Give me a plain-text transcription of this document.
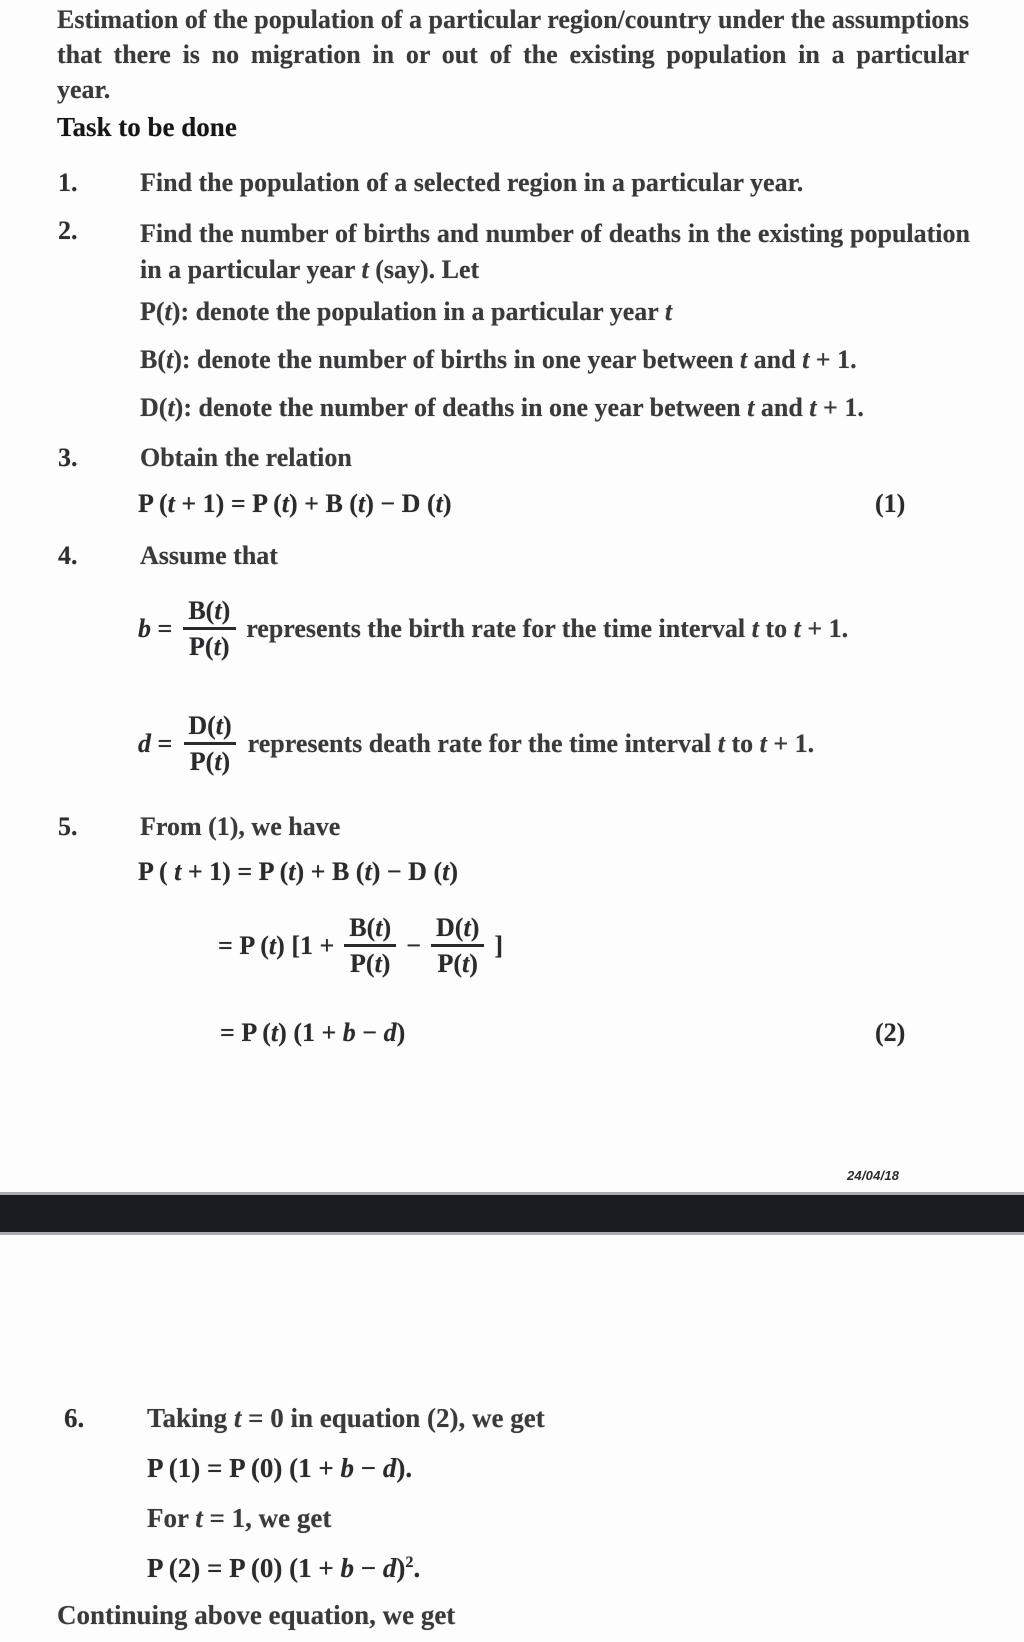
Estimation of the population of a particular region/country under the assumptions
that there is no migration in or out of the existing population in a particular
year.
Task to be done
1. Find the population of a selected region in a particular year.
2. Find the number of births and number of deaths in the existing population
in a particular year t (say). Let
P(t): denote the population in a particular year t
B(t): denote the number of births in one year between t and t + 1.
D(t): denote the number of deaths in one year between t and t + 1.
3. Obtain the relation
P (t + 1) = P (t) + B (t) − D (t)	(1)
4. Assume that
$b = \frac{B(t)}{P(t)}$ represents the birth rate for the time interval t to t + 1.
$d = \frac{D(t)}{P(t)}$ represents death rate for the time interval t to t + 1.
5. From (1), we have
P ( t + 1) = P (t) + B (t) − D (t)
= P (t) [$1 + \frac{B(t)}{P(t)} - \frac{D(t)}{P(t)}$ ]
= P (t) (1 + b − d)	(2)
24/04/18
6. Taking t = 0 in equation (2), we get
P (1) = P (0) (1 + b − d).
For t = 1, we get
P (2) = P (0) $(1 + b - d)^2$.
Continuing above equation, we get
